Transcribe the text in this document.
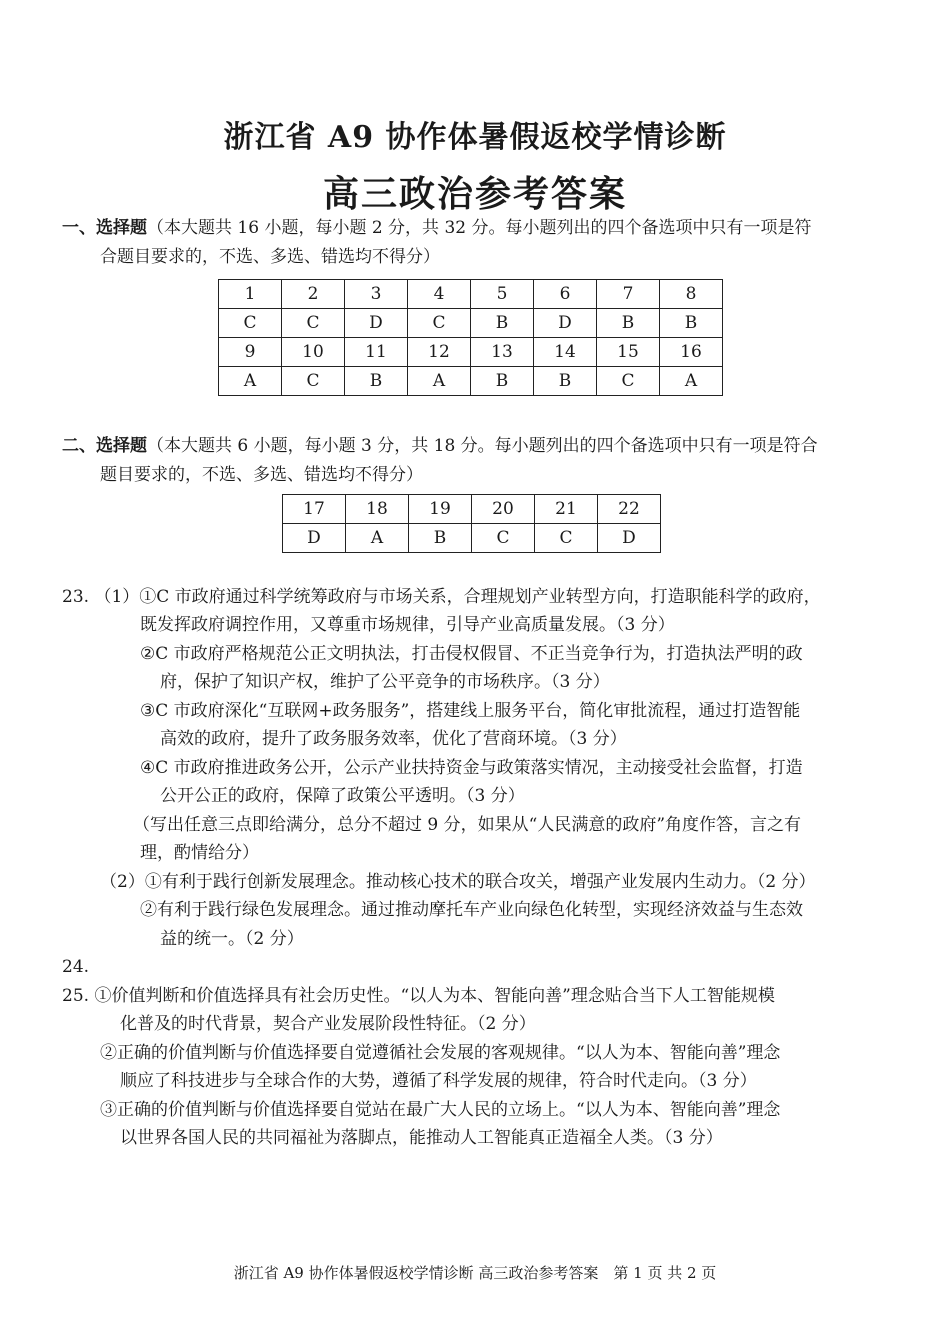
浙江省 A9 协作体暑假返校学情诊断
高三政治参考答案
一、选择题（本大题共 16 小题，每小题 2 分，共 32 分。每小题列出的四个备选项中只有一项是符
合题目要求的，不选、多选、错选均不得分）
1	2	3	4	5	6	7	8
C	C	D	C	B	D	B	B
9	10	11	12	13	14	15	16
A	C	B	A	B	B	C	A
二、选择题（本大题共 6 小题，每小题 3 分，共 18 分。每小题列出的四个备选项中只有一项是符合
题目要求的，不选、多选、错选均不得分）
17	18	19	20	21	22
D	A	B	C	C	D
23. （1）①C 市政府通过科学统筹政府与市场关系，合理规划产业转型方向，打造职能科学的政府，
既发挥政府调控作用，又尊重市场规律，引导产业高质量发展。（3 分）
②C 市政府严格规范公正文明执法，打击侵权假冒、不正当竞争行为，打造执法严明的政
府，保护了知识产权，维护了公平竞争的市场秩序。（3 分）
③C 市政府深化“互联网+政务服务”，搭建线上服务平台，简化审批流程，通过打造智能
高效的政府，提升了政务服务效率，优化了营商环境。（3 分）
④C 市政府推进政务公开，公示产业扶持资金与政策落实情况，主动接受社会监督，打造
公开公正的政府，保障了政策公平透明。（3 分）
（写出任意三点即给满分，总分不超过 9 分，如果从“人民满意的政府”角度作答，言之有
理，酌情给分）
（2）①有利于践行创新发展理念。推动核心技术的联合攻关，增强产业发展内生动力。（2 分）
②有利于践行绿色发展理念。通过推动摩托车产业向绿色化转型，实现经济效益与生态效
益的统一。（2 分）
24.
25. ①价值判断和价值选择具有社会历史性。“以人为本、智能向善”理念贴合当下人工智能规模
化普及的时代背景，契合产业发展阶段性特征。（2 分）
②正确的价值判断与价值选择要自觉遵循社会发展的客观规律。“以人为本、智能向善”理念
顺应了科技进步与全球合作的大势，遵循了科学发展的规律，符合时代走向。（3 分）
③正确的价值判断与价值选择要自觉站在最广大人民的立场上。“以人为本、智能向善”理念
以世界各国人民的共同福祉为落脚点，能推动人工智能真正造福全人类。（3 分）
浙江省 A9 协作体暑假返校学情诊断 高三政治参考答案　第 1 页 共 2 页
